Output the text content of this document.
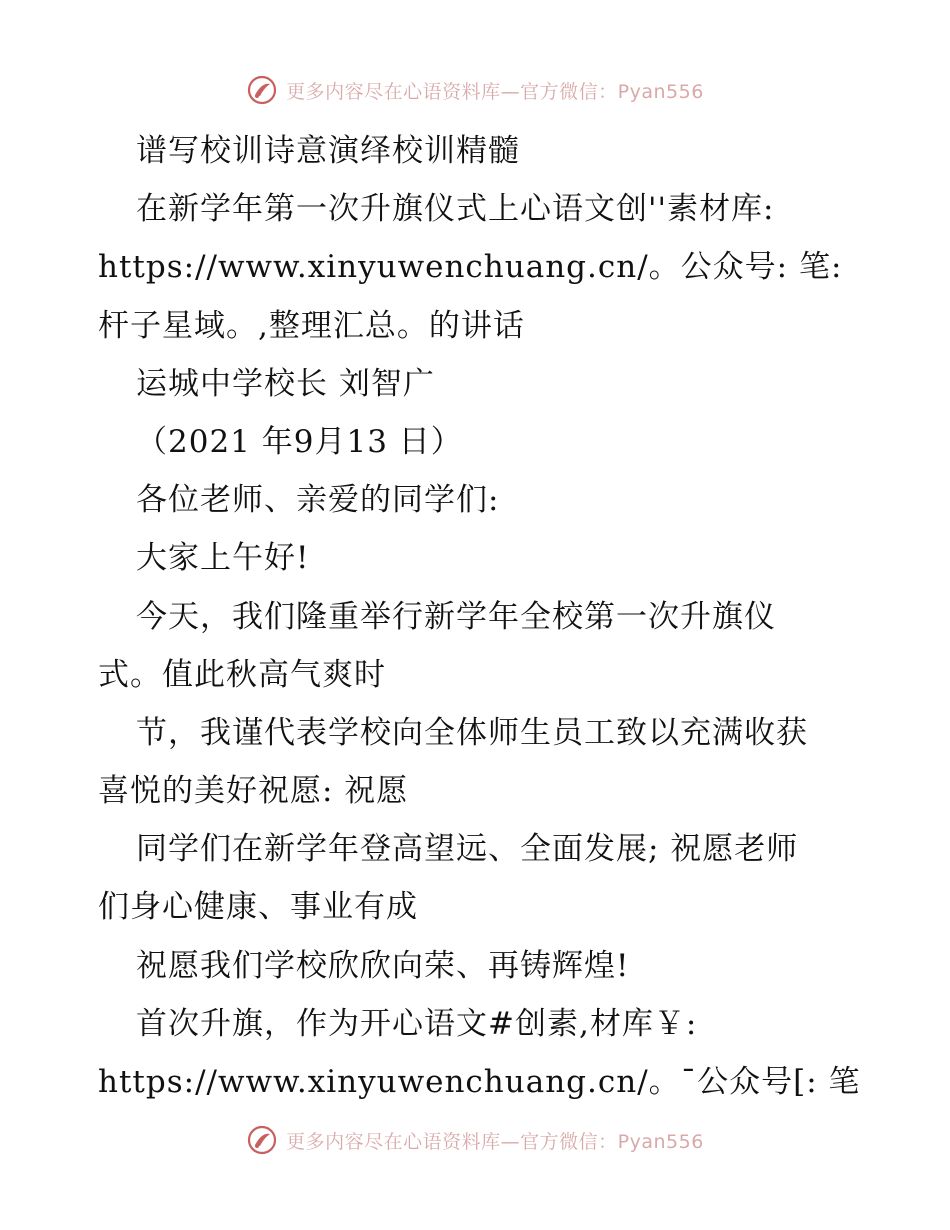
更多内容尽在心语资料库—官方微信：Pyan556
谱写校训诗意演绎校训精髓
在新学年第一次升旗仪式上心语文创''素材库:
https://www.xinyuwenchuang.cn/。公众号: 笔:
杆子星域。,整理汇总。的讲话
运城中学校长 刘智广
（2021 年9月13 日）
各位老师、亲爱的同学们:
大家上午好!
今天，我们隆重举行新学年全校第一次升旗仪
式。值此秋高气爽时
节，我谨代表学校向全体师生员工致以充满收获
喜悦的美好祝愿: 祝愿
同学们在新学年登高望远、全面发展; 祝愿老师
们身心健康、事业有成
祝愿我们学校欣欣向荣、再铸辉煌!
首次升旗，作为开心语文#创素,材库￥:
https://www.xinyuwenchuang.cn/。¯公众号[: 笔
更多内容尽在心语资料库—官方微信：Pyan556
